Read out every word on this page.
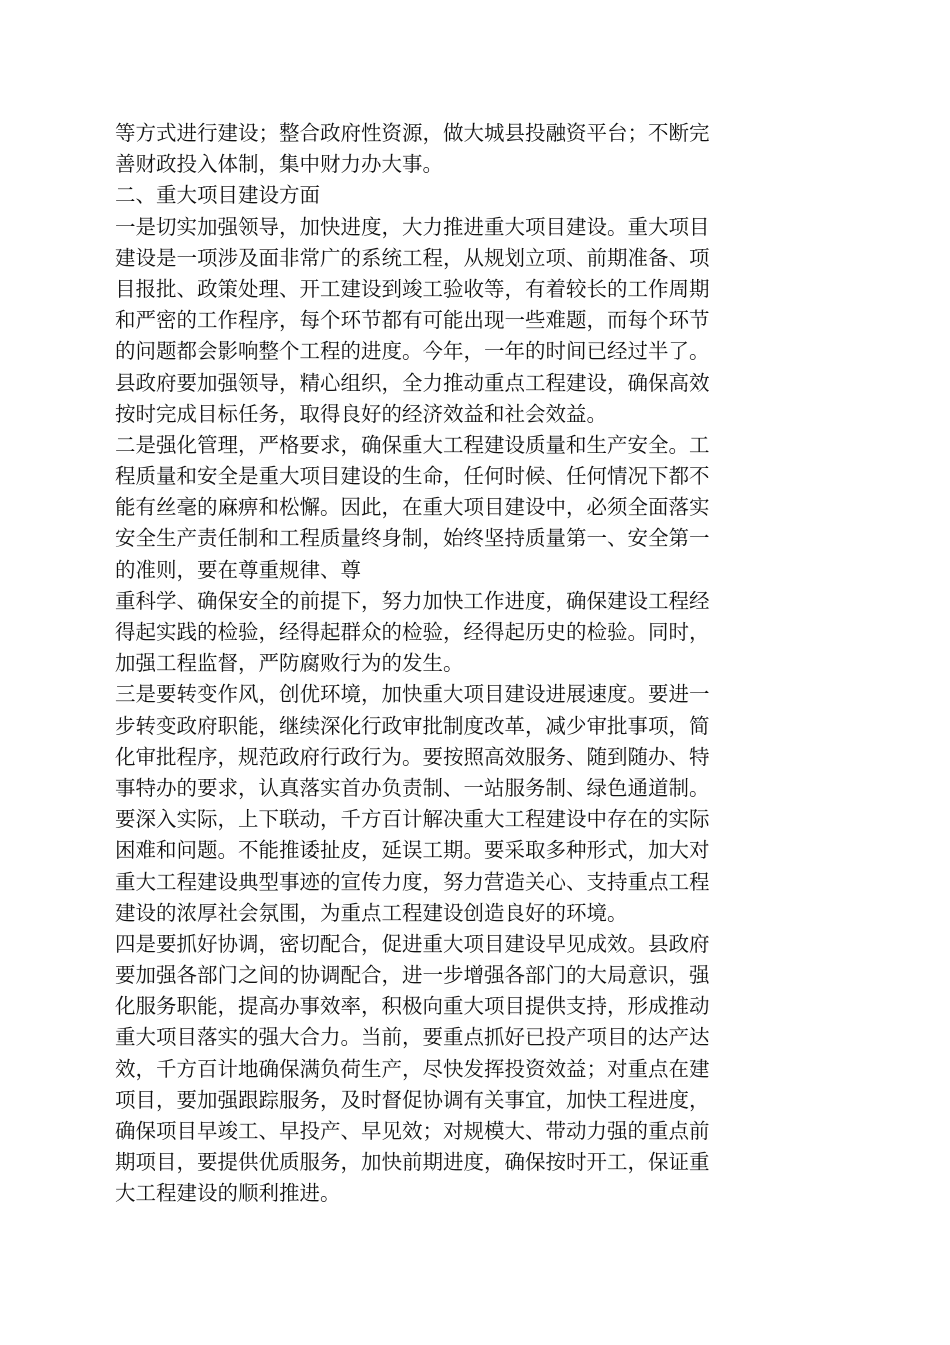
等方式进行建设；整合政府性资源，做大城县投融资平台；不断完
善财政投入体制，集中财力办大事。
二、重大项目建设方面
一是切实加强领导，加快进度，大力推进重大项目建设。重大项目
建设是一项涉及面非常广的系统工程，从规划立项、前期准备、项
目报批、政策处理、开工建设到竣工验收等，有着较长的工作周期
和严密的工作程序，每个环节都有可能出现一些难题，而每个环节
的问题都会影响整个工程的进度。今年，一年的时间已经过半了。
县政府要加强领导，精心组织，全力推动重点工程建设，确保高效
按时完成目标任务，取得良好的经济效益和社会效益。
二是强化管理，严格要求，确保重大工程建设质量和生产安全。工
程质量和安全是重大项目建设的生命，任何时候、任何情况下都不
能有丝毫的麻痹和松懈。因此，在重大项目建设中，必须全面落实
安全生产责任制和工程质量终身制，始终坚持质量第一、安全第一
的准则，要在尊重规律、尊
重科学、确保安全的前提下，努力加快工作进度，确保建设工程经
得起实践的检验，经得起群众的检验，经得起历史的检验。同时，
加强工程监督，严防腐败行为的发生。
三是要转变作风，创优环境，加快重大项目建设进展速度。要进一
步转变政府职能，继续深化行政审批制度改革，减少审批事项，简
化审批程序，规范政府行政行为。要按照高效服务、随到随办、特
事特办的要求，认真落实首办负责制、一站服务制、绿色通道制。
要深入实际，上下联动，千方百计解决重大工程建设中存在的实际
困难和问题。不能推诿扯皮，延误工期。要采取多种形式，加大对
重大工程建设典型事迹的宣传力度，努力营造关心、支持重点工程
建设的浓厚社会氛围，为重点工程建设创造良好的环境。
四是要抓好协调，密切配合，促进重大项目建设早见成效。县政府
要加强各部门之间的协调配合，进一步增强各部门的大局意识，强
化服务职能，提高办事效率，积极向重大项目提供支持，形成推动
重大项目落实的强大合力。当前，要重点抓好已投产项目的达产达
效，千方百计地确保满负荷生产，尽快发挥投资效益；对重点在建
项目，要加强跟踪服务，及时督促协调有关事宜，加快工程进度，
确保项目早竣工、早投产、早见效；对规模大、带动力强的重点前
期项目，要提供优质服务，加快前期进度，确保按时开工，保证重
大工程建设的顺利推进。
